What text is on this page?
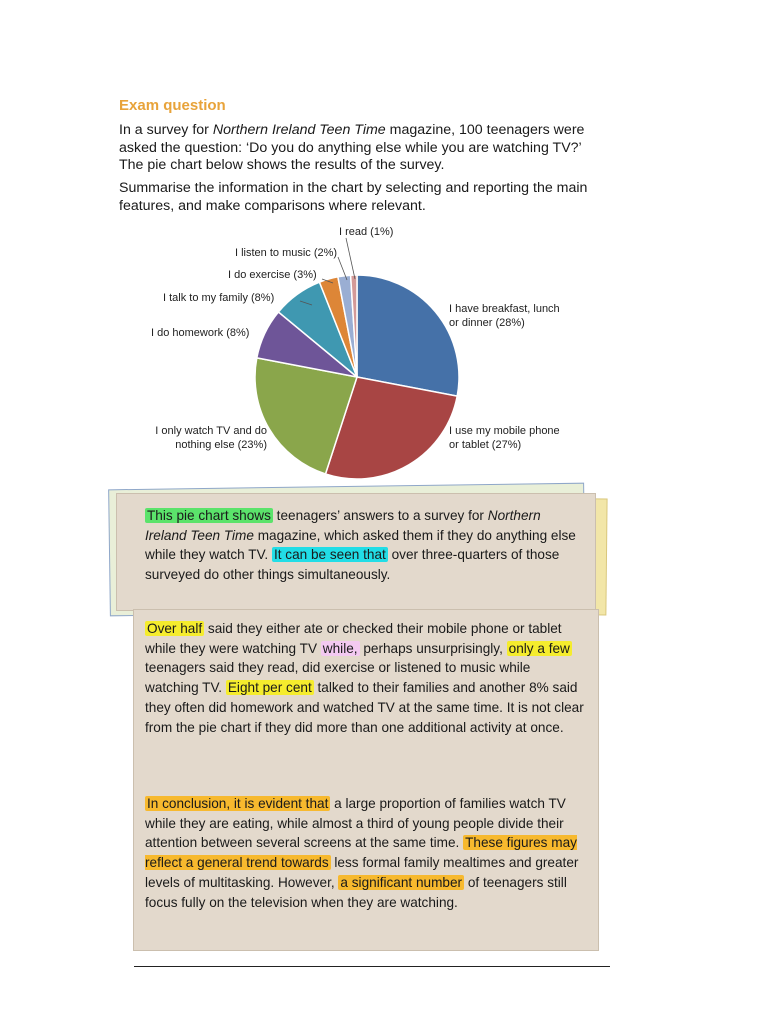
Exam question

In a survey for Northern Ireland Teen Time magazine, 100 teenagers were asked the question: ‘Do you do anything else while you are watching TV?’ The pie chart below shows the results of the survey.

Summarise the information in the chart by selecting and reporting the main features, and make comparisons where relevant.

I read (1%)
I listen to music (2%)
I do exercise (3%)
I talk to my family (8%)
I do homework (8%)
I only watch TV and do
nothing else (23%)
I have breakfast, lunch
or dinner (28%)
I use my mobile phone
or tablet (27%)

This pie chart shows teenagers’ answers to a survey for Northern Ireland Teen Time magazine, which asked them if they do anything else while they watch TV. It can be seen that over three-quarters of those surveyed do other things simultaneously.

Over half said they either ate or checked their mobile phone or tablet while they were watching TV while, perhaps unsurprisingly, only a few teenagers said they read, did exercise or listened to music while watching TV. Eight per cent talked to their families and another 8% said they often did homework and watched TV at the same time. It is not clear from the pie chart if they did more than one additional activity at once.

In conclusion, it is evident that a large proportion of families watch TV while they are eating, while almost a third of young people divide their attention between several screens at the same time. These figures may reflect a general trend towards less formal family mealtimes and greater levels of multitasking. However, a significant number of teenagers still focus fully on the television when they are watching.
